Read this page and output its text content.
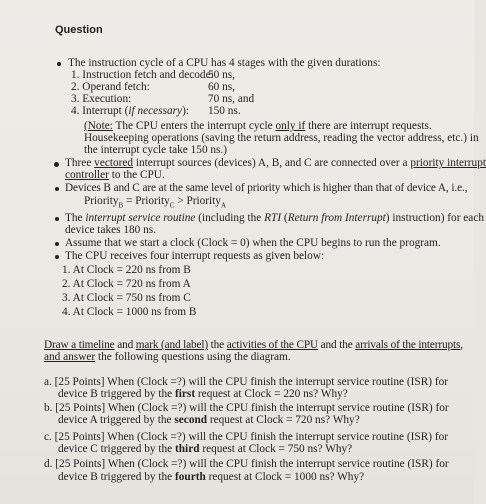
Question
The instruction cycle of a CPU has 4 stages with the given durations:
1. Instruction fetch and decode:
50 ns,
2. Operand fetch:	60 ns,
3. Execution:	70 ns, and
4. Interrupt (if necessary): 150 ns.
(Note: The CPU enters the interrupt cycle only if there are interrupt requests.
Housekeeping operations (saving the return address, reading the vector address, etc.) in
the interrupt cycle take 150 ns.)
Three vectored interrupt sources (devices) A, B, and C are connected over a priority interrupt
controller to the CPU.
Devices B and C are at the same level of priority which is higher than that of device A, i.e.,
Priority$_B$ = Priority$_C$ > Priority$_A$
The interrupt service routine (including the RTI (Return from Interrupt) instruction) for each
device takes 180 ns.
Assume that we start a clock (Clock = 0) when the CPU begins to run the program.
The CPU receives four interrupt requests as given below:
1. At Clock = 220 ns from B
2. At Clock = 720 ns from A
3. At Clock = 750 ns from C
4. At Clock = 1000 ns from B
Draw a timeline and mark (and label) the activities of the CPU and the arrivals of the interrupts,
and answer the following questions using the diagram.
a. [25 Points] When (Clock =?) will the CPU finish the interrupt service routine (ISR) for
device B triggered by the first request at Clock = 220 ns? Why?
b. [25 Points] When (Clock =?) will the CPU finish the interrupt service routine (ISR) for
device A triggered by the second request at Clock = 720 ns? Why?
c. [25 Points] When (Clock =?) will the CPU finish the interrupt service routine (ISR) for
device C triggered by the third request at Clock = 750 ns? Why?
d. [25 Points] When (Clock =?) will the CPU finish the interrupt service routine (ISR) for
device B triggered by the fourth request at Clock = 1000 ns? Why?
